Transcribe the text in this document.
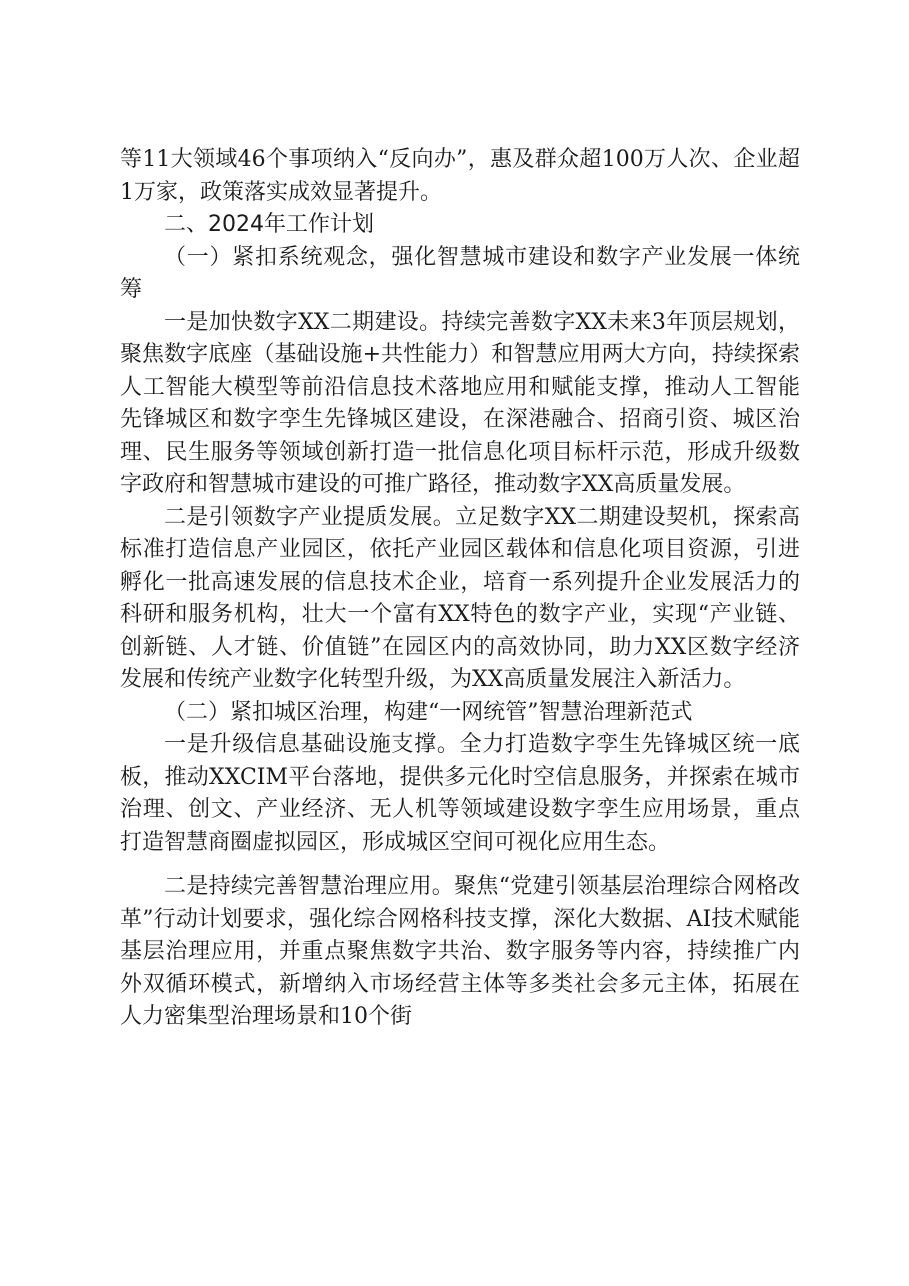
等11大领域46个事项纳入“反向办”，惠及群众超100万人次、企业超1万家，政策落实成效显著提升。

二、2024年工作计划

（一）紧扣系统观念，强化智慧城市建设和数字产业发展一体统筹

一是加快数字XX二期建设。持续完善数字XX未来3年顶层规划，聚焦数字底座（基础设施+共性能力）和智慧应用两大方向，持续探索人工智能大模型等前沿信息技术落地应用和赋能支撑，推动人工智能先锋城区和数字孪生先锋城区建设，在深港融合、招商引资、城区治理、民生服务等领域创新打造一批信息化项目标杆示范，形成升级数字政府和智慧城市建设的可推广路径，推动数字XX高质量发展。

二是引领数字产业提质发展。立足数字XX二期建设契机，探索高标准打造信息产业园区，依托产业园区载体和信息化项目资源，引进孵化一批高速发展的信息技术企业，培育一系列提升企业发展活力的科研和服务机构，壮大一个富有XX特色的数字产业，实现“产业链、创新链、人才链、价值链”在园区内的高效协同，助力XX区数字经济发展和传统产业数字化转型升级，为XX高质量发展注入新活力。

（二）紧扣城区治理，构建“一网统管”智慧治理新范式

一是升级信息基础设施支撑。全力打造数字孪生先锋城区统一底板，推动XXCIM平台落地，提供多元化时空信息服务，并探索在城市治理、创文、产业经济、无人机等领域建设数字孪生应用场景，重点打造智慧商圈虚拟园区，形成城区空间可视化应用生态。

二是持续完善智慧治理应用。聚焦“党建引领基层治理综合网格改革”行动计划要求，强化综合网格科技支撑，深化大数据、AI技术赋能基层治理应用，并重点聚焦数字共治、数字服务等内容，持续推广内外双循环模式，新增纳入市场经营主体等多类社会多元主体，拓展在人力密集型治理场景和10个街
